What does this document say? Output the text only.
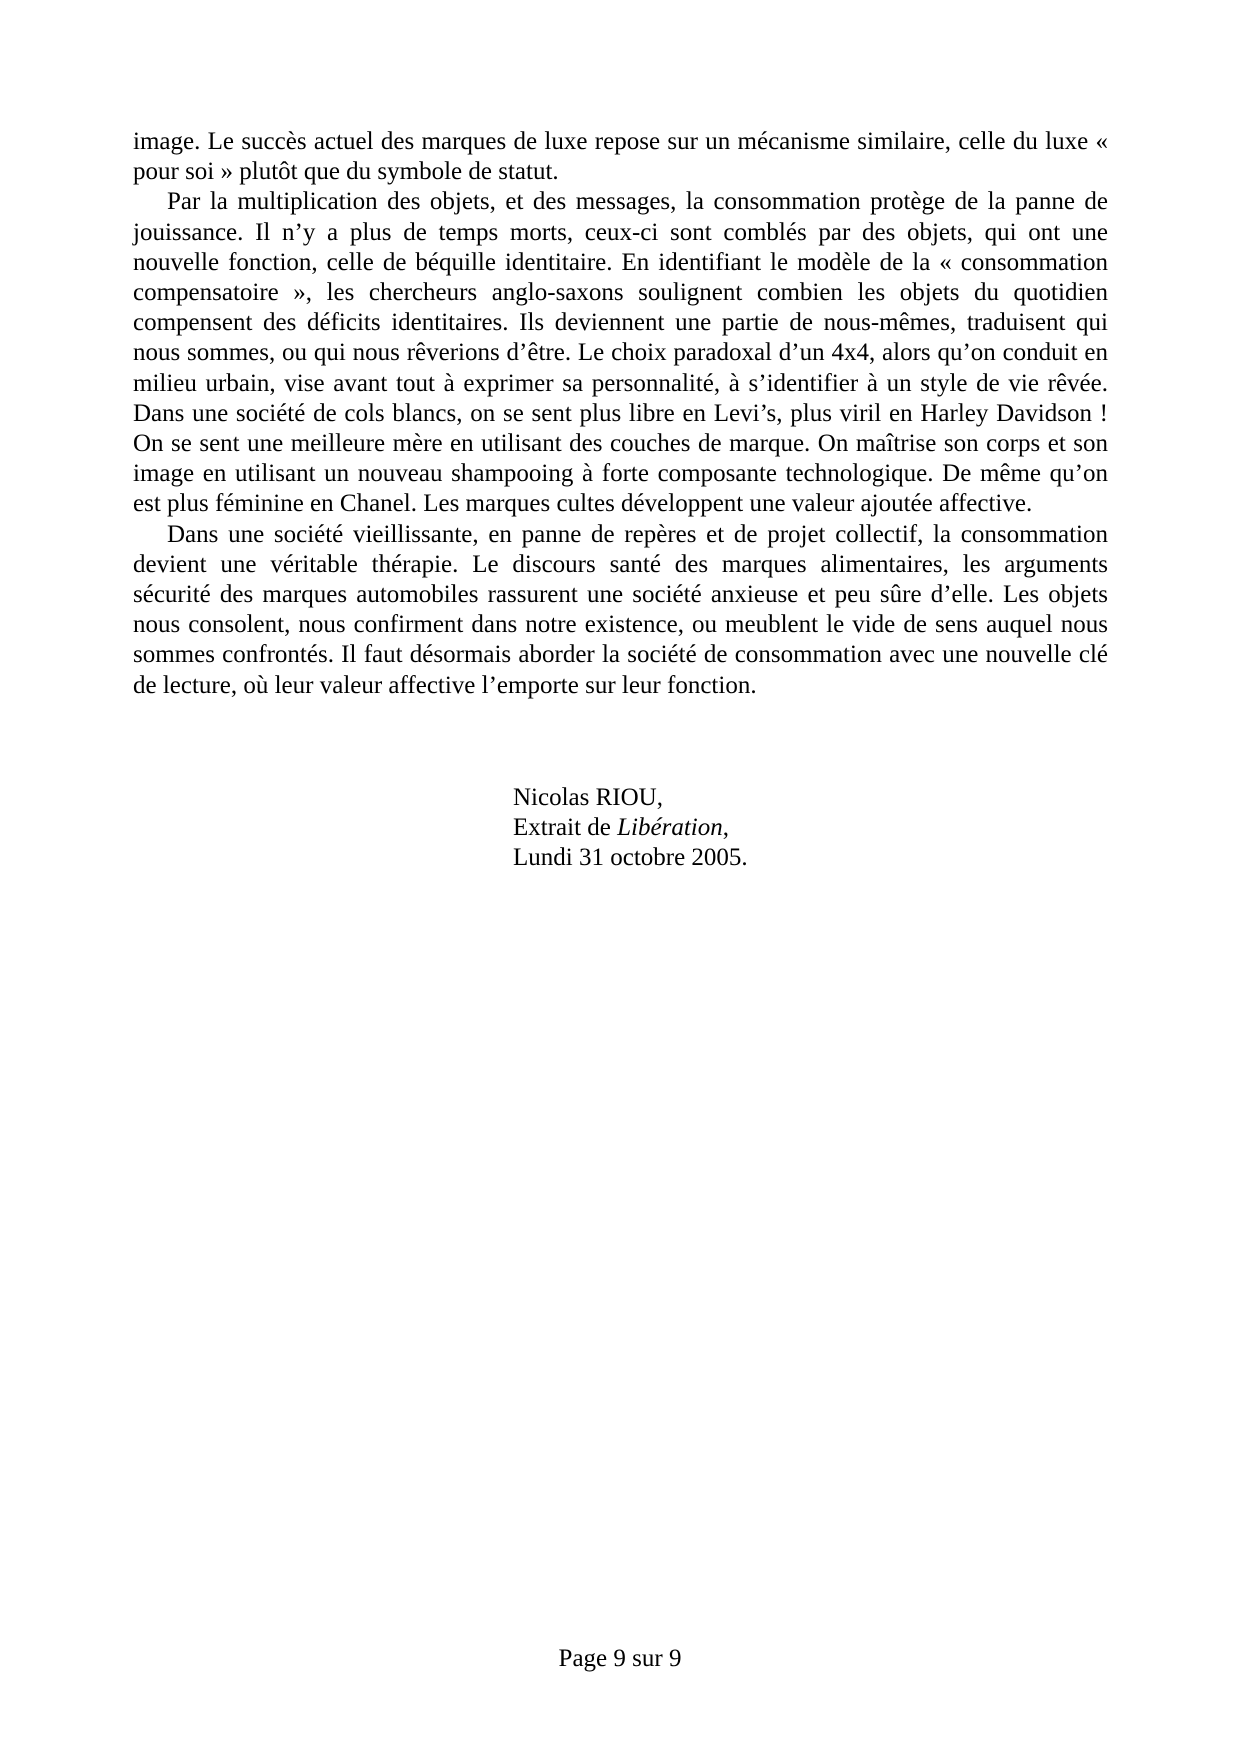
image. Le succès actuel des marques de luxe repose sur un mécanisme similaire, celle du luxe « pour soi » plutôt que du symbole de statut.

Par la multiplication des objets, et des messages, la consommation protège de la panne de jouissance. Il n’y a plus de temps morts, ceux-ci sont comblés par des objets, qui ont une nouvelle fonction, celle de béquille identitaire. En identifiant le modèle de la « consommation compensatoire », les chercheurs anglo-saxons soulignent combien les objets du quotidien compensent des déficits identitaires. Ils deviennent une partie de nous-mêmes, traduisent qui nous sommes, ou qui nous rêverions d’être. Le choix paradoxal d’un 4x4, alors qu’on conduit en milieu urbain, vise avant tout à exprimer sa personnalité, à s’identifier à un style de vie rêvée. Dans une société de cols blancs, on se sent plus libre en Levi’s, plus viril en Harley Davidson ! On se sent une meilleure mère en utilisant des couches de marque. On maîtrise son corps et son image en utilisant un nouveau shampooing à forte composante technologique. De même qu’on est plus féminine en Chanel. Les marques cultes développent une valeur ajoutée affective.

Dans une société vieillissante, en panne de repères et de projet collectif, la consommation devient une véritable thérapie. Le discours santé des marques alimentaires, les arguments sécurité des marques automobiles rassurent une société anxieuse et peu sûre d’elle. Les objets nous consolent, nous confirment dans notre existence, ou meublent le vide de sens auquel nous sommes confrontés. Il faut désormais aborder la société de consommation avec une nouvelle clé de lecture, où leur valeur affective l’emporte sur leur fonction.

Nicolas RIOU,
Extrait de Libération,
Lundi 31 octobre 2005.
Page 9 sur 9
